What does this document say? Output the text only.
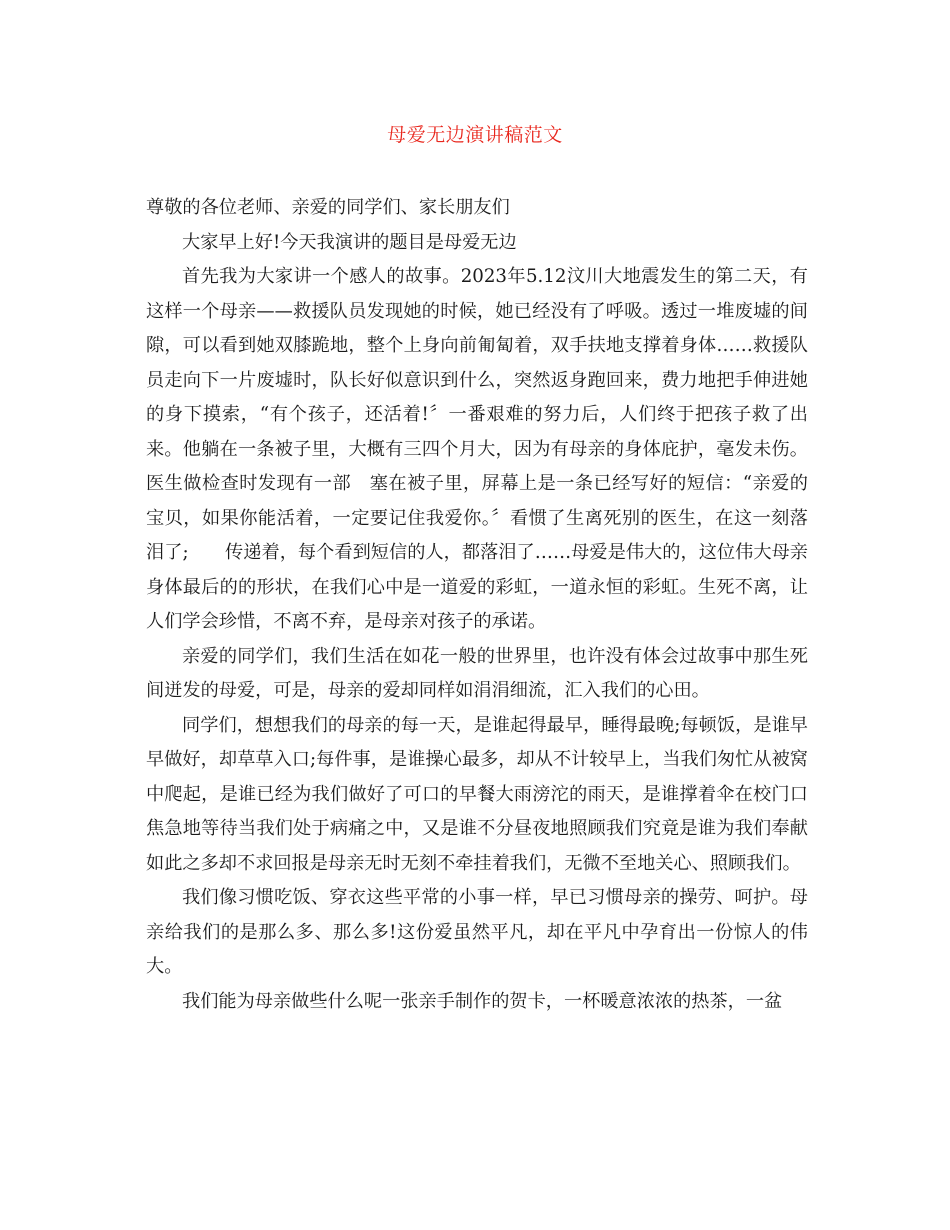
母爱无边演讲稿范文

尊敬的各位老师、亲爱的同学们、家长朋友们

大家早上好!今天我演讲的题目是母爱无边

首先我为大家讲一个感人的故事。2023年5.12汶川大地震发生的第二天，有这样一个母亲——救援队员发现她的时候，她已经没有了呼吸。透过一堆废墟的间隙，可以看到她双膝跪地，整个上身向前匍匐着，双手扶地支撑着身体……救援队员走向下一片废墟时，队长好似意识到什么，突然返身跑回来，费力地把手伸进她的身下摸索，“有个孩子，还活着!〞一番艰难的努力后，人们终于把孩子救了出来。他躺在一条被子里，大概有三四个月大，因为有母亲的身体庇护，毫发未伤。医生做检查时发现有一部　塞在被子里，屏幕上是一条已经写好的短信：“亲爱的宝贝，如果你能活着，一定要记住我爱你。〞看惯了生离死别的医生，在这一刻落泪了;　　传递着，每个看到短信的人，都落泪了……母爱是伟大的，这位伟大母亲身体最后的的形状，在我们心中是一道爱的彩虹，一道永恒的彩虹。生死不离，让人们学会珍惜，不离不弃，是母亲对孩子的承诺。

亲爱的同学们，我们生活在如花一般的世界里，也许没有体会过故事中那生死间迸发的母爱，可是，母亲的爱却同样如涓涓细流，汇入我们的心田。

同学们，想想我们的母亲的每一天，是谁起得最早，睡得最晚;每顿饭，是谁早早做好，却草草入口;每件事，是谁操心最多，却从不计较早上，当我们匆忙从被窝中爬起，是谁已经为我们做好了可口的早餐大雨滂沱的雨天，是谁撑着伞在校门口焦急地等待当我们处于病痛之中，又是谁不分昼夜地照顾我们究竟是谁为我们奉献如此之多却不求回报是母亲无时无刻不牵挂着我们，无微不至地关心、照顾我们。

我们像习惯吃饭、穿衣这些平常的小事一样，早已习惯母亲的操劳、呵护。母亲给我们的是那么多、那么多!这份爱虽然平凡，却在平凡中孕育出一份惊人的伟大。

我们能为母亲做些什么呢一张亲手制作的贺卡，一杯暖意浓浓的热茶，一盆
